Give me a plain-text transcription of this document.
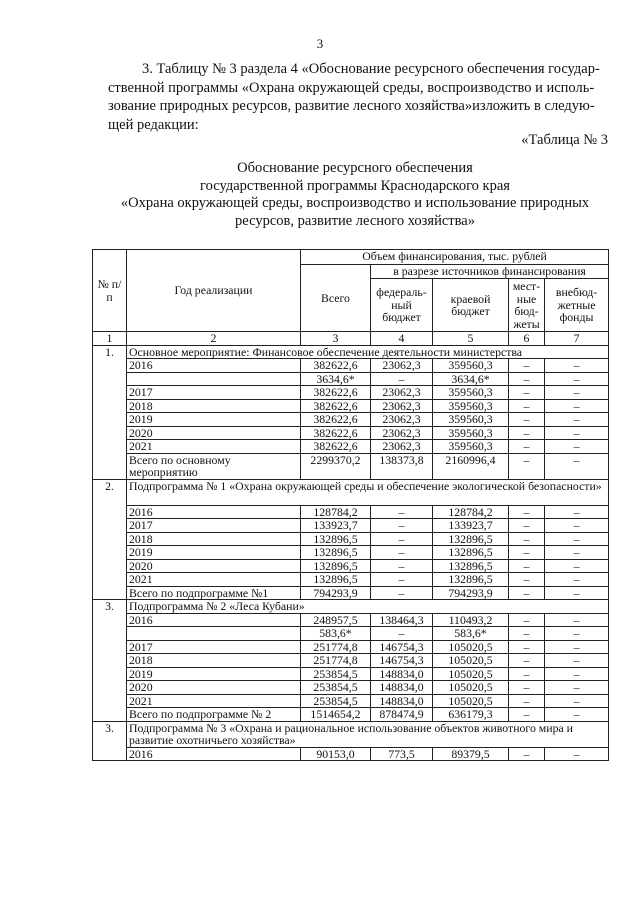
3
3. Таблицу № 3 раздела 4 «Обоснование ресурсного обеспечения государ-
ственной программы «Охрана окружающей среды, воспроизводство и исполь-
зование природных ресурсов, развитие лесного хозяйства»изложить в следую-
щей редакции:
«Таблица № 3
Обоснование ресурсного обеспечения
государственной программы Краснодарского края
«Охрана окружающей среды, воспроизводство и использование природных
ресурсов, развитие лесного хозяйства»
№ п/п	Год реализации	Объем финансирования, тыс. рублей				
		Всего	в разрезе источников финансирования			
			федераль-ный бюджет	краевой бюджет	мест-ные бюд-жеты	внебюд-жетные фонды
1	2	3	4	5	6	7
1.	Основное мероприятие: Финансовое обеспечение деятельности министерства					
	2016	382622,6	23062,3	359560,3	–	–
		3634,6*	–	3634,6*	–	–
	2017	382622,6	23062,3	359560,3	–	–
	2018	382622,6	23062,3	359560,3	–	–
	2019	382622,6	23062,3	359560,3	–	–
	2020	382622,6	23062,3	359560,3	–	–
	2021	382622,6	23062,3	359560,3	–	–
	Всего по основному мероприятию	2299370,2	138373,8	2160996,4	–	–
2.	Подпрограмма № 1 «Охрана окружающей среды и обеспечение экологической безопасности»					
	2016	128784,2	–	128784,2	–	–
	2017	133923,7	–	133923,7	–	–
	2018	132896,5	–	132896,5	–	–
	2019	132896,5	–	132896,5	–	–
	2020	132896,5	–	132896,5	–	–
	2021	132896,5	–	132896,5	–	–
	Всего по подпрограмме №1	794293,9	–	794293,9	–	–
3.	Подпрограмма № 2 «Леса Кубани»					
	2016	248957,5	138464,3	110493,2	–	–
		583,6*	–	583,6*	–	–
	2017	251774,8	146754,3	105020,5	–	–
	2018	251774,8	146754,3	105020,5	–	–
	2019	253854,5	148834,0	105020,5	–	–
	2020	253854,5	148834,0	105020,5	–	–
	2021	253854,5	148834,0	105020,5	–	–
	Всего по подпрограмме № 2	1514654,2	878474,9	636179,3	–	–
3.	Подпрограмма № 3 «Охрана и рациональное использование объектов животного мира и развитие охотничьего хозяйства»					
	2016	90153,0	773,5	89379,5	–	–
